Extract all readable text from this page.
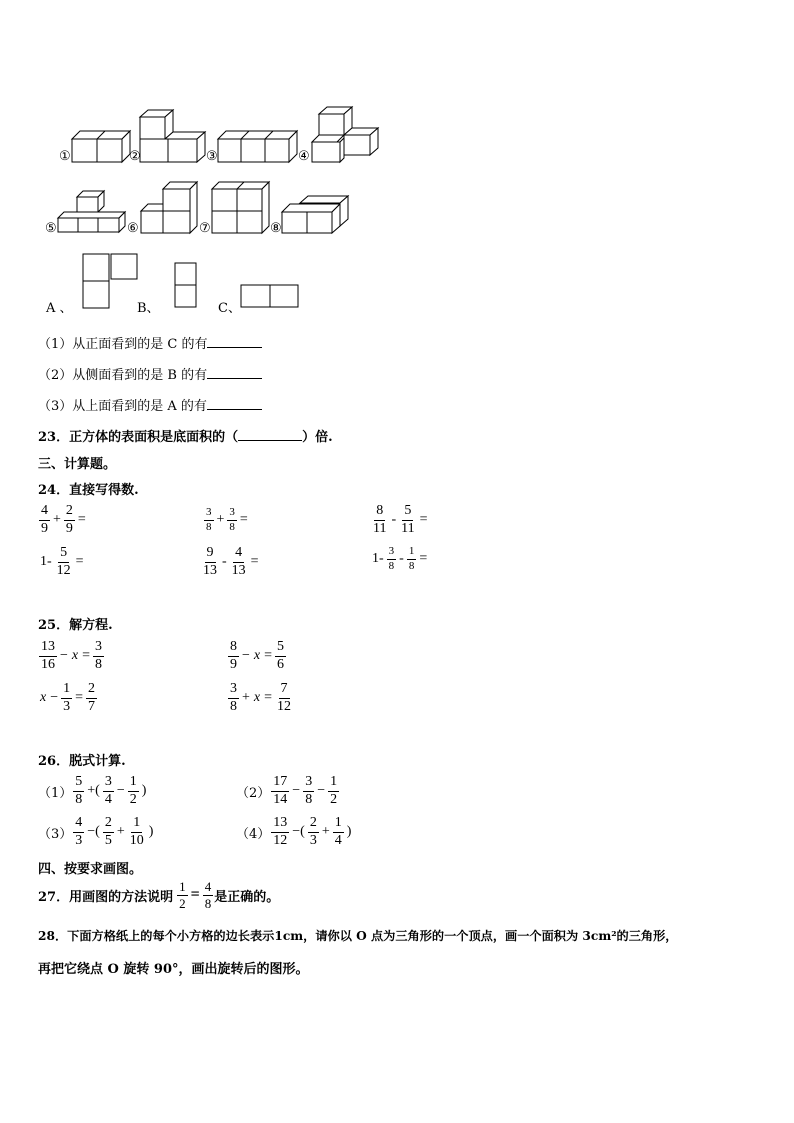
①	②	③	④
⑤	⑥	⑦	⑧
A 、	B、	C、
（1）从正面看到的是 C 的有
（2）从侧面看到的是 B 的有
（3）从上面看到的是 A 的有
23．正方体的表面积是底面积的（	）倍.
三、计算题。
24．直接写得数.
$\frac{4}{9} + \frac{2}{9}$ =	$\frac{3}{8} + \frac{3}{8}$ =	$\frac{8}{11} - \frac{5}{11}$ =
$1- \frac{5}{12}$ =	$\frac{9}{13} - \frac{4}{13}$ =	$1- \frac{3}{8} - \frac{1}{8}$ =
25．解方程.
$\frac{13}{16} - x = \frac{3}{8}$	$\frac{8}{9} - x = \frac{5}{6}$
$x - \frac{1}{3} = \frac{2}{7}$	$\frac{3}{8} + x = \frac{7}{12}$
26．脱式计算.
$(1) \frac{5}{8}$ +( $\frac{3}{4} - \frac{1}{2}$ )	$(2) \frac{17}{14} - \frac{3}{8} - \frac{1}{2}$
$(3) \frac{4}{3}$ −( $\frac{2}{5} + \frac{1}{10}$ )	$(4) \frac{13}{12}$ −( $\frac{2}{3} + \frac{1}{4}$ )
四、按要求画图。
27．用画图的方法说明 $\frac{1}{2} = \frac{4}{8}$ 是正确的。
28．下面方格纸上的每个小方格的边长表示1cm，请你以 O 点为三角形的一个顶点，画一个面积为 3cm²的三角形，
再把它绕点 O 旋转 90°，画出旋转后的图形。
